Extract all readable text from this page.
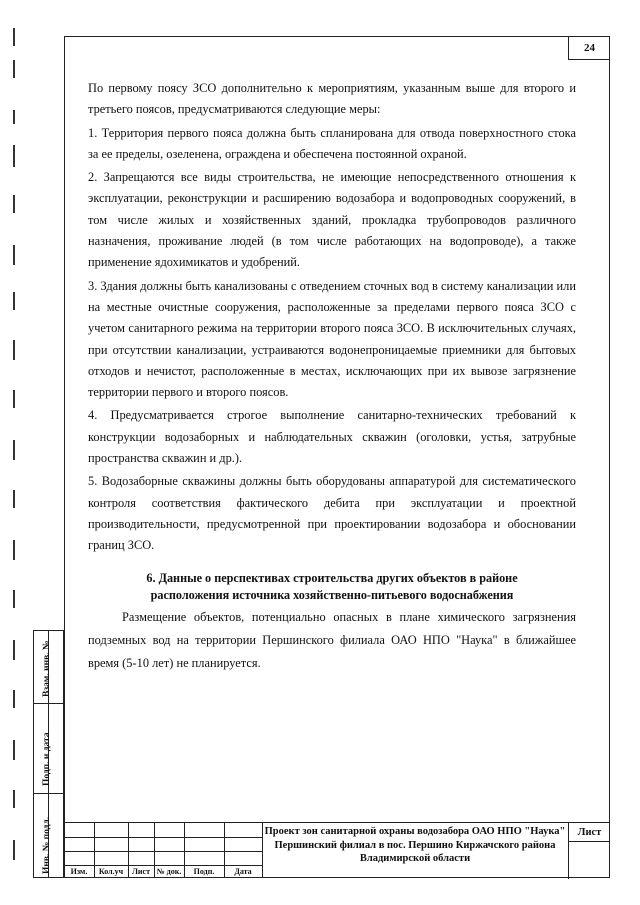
24

По первому поясу ЗСО дополнительно к мероприятиям, указанным выше для второго и третьего поясов, предусматриваются следующие меры:

1. Территория первого пояса должна быть спланирована для отвода поверхностного стока за ее пределы, озеленена, ограждена и обеспечена постоянной охраной.

2. Запрещаются все виды строительства, не имеющие непосредственного отношения к эксплуатации, реконструкции и расширению водозабора и водопроводных сооружений, в том числе жилых и хозяйственных зданий, прокладка трубопроводов различного назначения, проживание людей (в том числе работающих на водопроводе), а также применение ядохимикатов и удобрений.

3. Здания должны быть канализованы с отведением сточных вод в систему канализации или на местные очистные сооружения, расположенные за пределами первого пояса ЗСО с учетом санитарного режима на территории второго пояса ЗСО. В исключительных случаях, при отсутствии канализации, устраиваются водонепроницаемые приемники для бытовых отходов и нечистот, расположенные в местах, исключающих при их вывозе загрязнение территории первого и второго поясов.

4. Предусматривается строгое выполнение санитарно-технических требований к конструкции водозаборных и наблюдательных скважин (оголовки, устья, затрубные пространства скважин и др.).

5. Водозаборные скважины должны быть оборудованы аппаратурой для систематического контроля соответствия фактического дебита при эксплуатации и проектной производительности, предусмотренной при проектировании водозабора и обосновании границ ЗСО.

6. Данные о перспективах строительства других объектов в районе
расположения источника хозяйственно-питьевого водоснабжения

Размещение объектов, потенциально опасных в плане химического загрязнения подземных вод на территории Першинского филиала ОАО НПО "Наука" в ближайшее время (5-10 лет) не планируется.

Взам. инв. №
Подп. и дата
Инв. № подл.	Изм.	Кол.уч	Лист № док.	Подп.	Дата
Проект зон санитарной охраны водозабора ОАО НПО "Наука"
Першинский филиал в пос. Першино Киржачского района
Владимирской области
Лист
